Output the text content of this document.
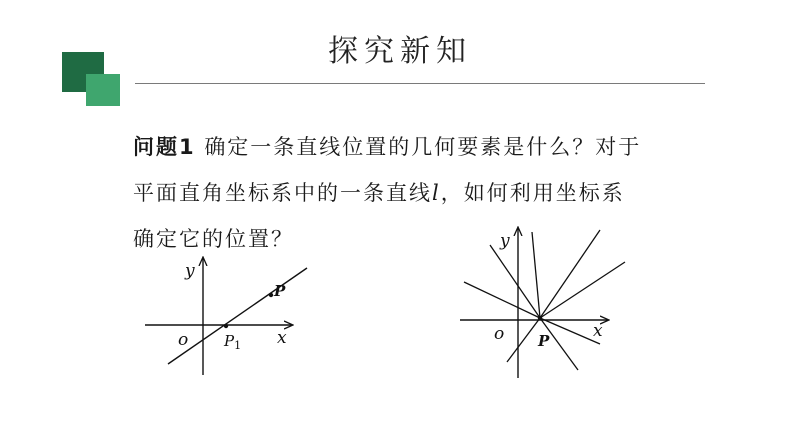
探究新知
问题1 确定一条直线位置的几何要素是什么？对于
平面直角坐标系中的一条直线l，如何利用坐标系
确定它的位置？
y
x
o
P
$P_1$
y
x
o P
